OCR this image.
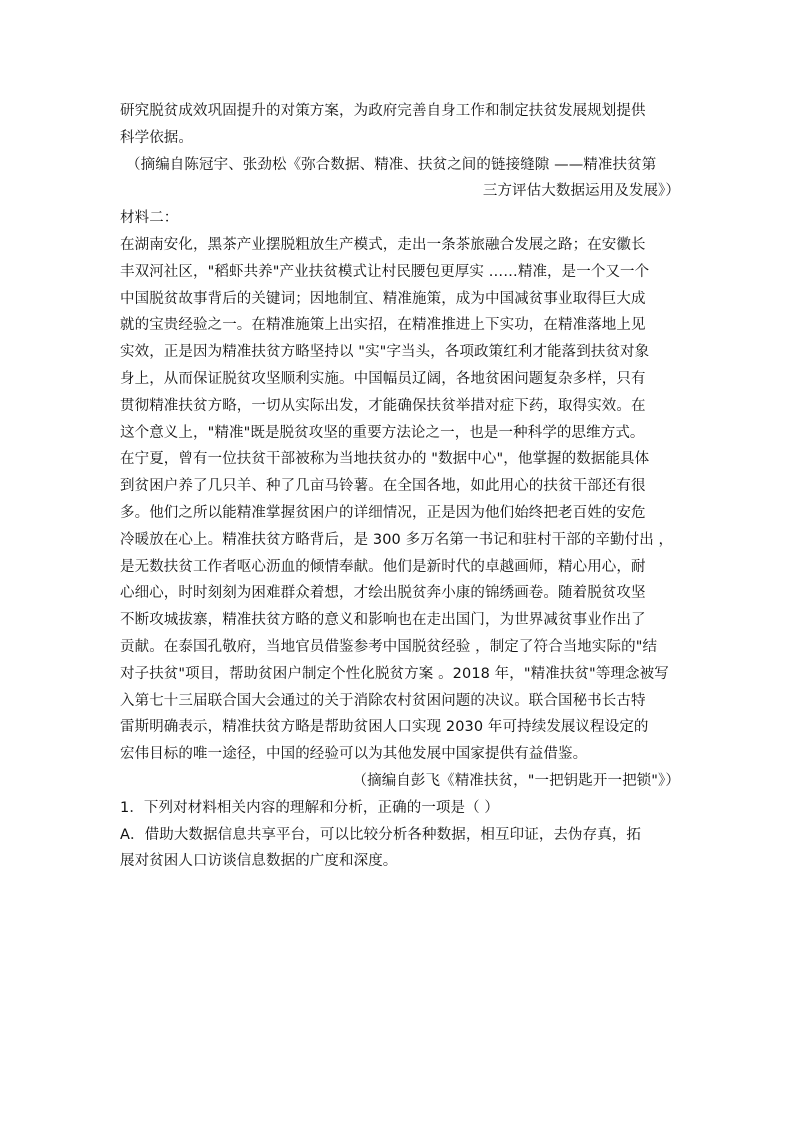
研究脱贫成效巩固提升的对策方案，为政府完善自身工作和制定扶贫发展规划提供
科学依据。
（摘编自陈冠宇、张劲松《弥合数据、精准、扶贫之间的链接缝隙 ——精准扶贫第
三方评估大数据运用及发展》）
材料二：
在湖南安化，黑茶产业摆脱粗放生产模式，走出一条茶旅融合发展之路；在安徽长
丰双河社区，"稻虾共养"产业扶贫模式让村民腰包更厚实 ……精准，是一个又一个
中国脱贫故事背后的关键词；因地制宜、精准施策，成为中国减贫事业取得巨大成
就的宝贵经验之一。在精准施策上出实招，在精准推进上下实功，在精准落地上见
实效，正是因为精准扶贫方略坚持以 "实"字当头，各项政策红利才能落到扶贫对象
身上，从而保证脱贫攻坚顺利实施。中国幅员辽阔，各地贫困问题复杂多样，只有
贯彻精准扶贫方略，一切从实际出发，才能确保扶贫举措对症下药，取得实效。在
这个意义上，"精准"既是脱贫攻坚的重要方法论之一，也是一种科学的思维方式。
在宁夏，曾有一位扶贫干部被称为当地扶贫办的 "数据中心"，他掌握的数据能具体
到贫困户养了几只羊、种了几亩马铃薯。在全国各地，如此用心的扶贫干部还有很
多。他们之所以能精准掌握贫困户的详细情况，正是因为他们始终把老百姓的安危
冷暖放在心上。精准扶贫方略背后，是 300 多万名第一书记和驻村干部的辛勤付出 ，
是无数扶贫工作者呕心沥血的倾情奉献。他们是新时代的卓越画师，精心用心，耐
心细心，时时刻刻为困难群众着想，才绘出脱贫奔小康的锦绣画卷。随着脱贫攻坚
不断攻城拔寨，精准扶贫方略的意义和影响也在走出国门，为世界减贫事业作出了
贡献。在泰国孔敬府，当地官员借鉴参考中国脱贫经验 ，制定了符合当地实际的"结
对子扶贫"项目，帮助贫困户制定个性化脱贫方案 。2018 年，"精准扶贫"等理念被写
入第七十三届联合国大会通过的关于消除农村贫困问题的决议。联合国秘书长古特
雷斯明确表示，精准扶贫方略是帮助贫困人口实现 2030 年可持续发展议程设定的
宏伟目标的唯一途径，中国的经验可以为其他发展中国家提供有益借鉴。
（摘编自彭飞《精准扶贫，"一把钥匙开一把锁"》）
1．下列对材料相关内容的理解和分析，正确的一项是（ ）
A．借助大数据信息共享平台，可以比较分析各种数据，相互印证，去伪存真，拓
展对贫困人口访谈信息数据的广度和深度。
